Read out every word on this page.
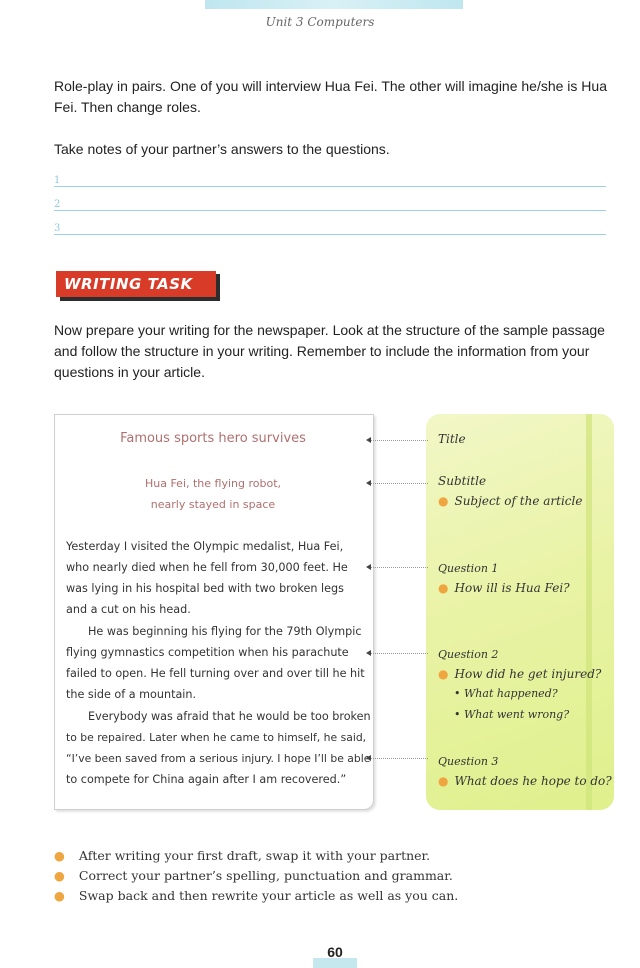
Unit 3 Computers
Role-play in pairs. One of you will interview Hua Fei. The other will imagine he/she is Hua
Fei. Then change roles.
Take notes of your partner’s answers to the questions.
1
2
3
WRITING TASK
Now prepare your writing for the newspaper. Look at the structure of the sample passage
and follow the structure in your writing. Remember to include the information from your
questions in your article.
Famous sports hero survives
Hua Fei, the flying robot,
nearly stayed in space
Yesterday I visited the Olympic medalist, Hua Fei,
who nearly died when he fell from 30,000 feet. He
was lying in his hospital bed with two broken legs
and a cut on his head.
He was beginning his flying for the 79th Olympic
flying gymnastics competition when his parachute
failed to open. He fell turning over and over till he hit
the side of a mountain.
Everybody was afraid that he would be too broken
to be repaired. Later when he came to himself, he said,
“I’ve been saved from a serious injury. I hope I’ll be able
to compete for China again after I am recovered.”
Title
Subtitle
● Subject of the article
Question 1
● How ill is Hua Fei?
Question 2
● How did he get injured?
• What happened?
• What went wrong?
Question 3
● What does he hope to do?
● After writing your first draft, swap it with your partner.
● Correct your partner’s spelling, punctuation and grammar.
● Swap back and then rewrite your article as well as you can.
60
